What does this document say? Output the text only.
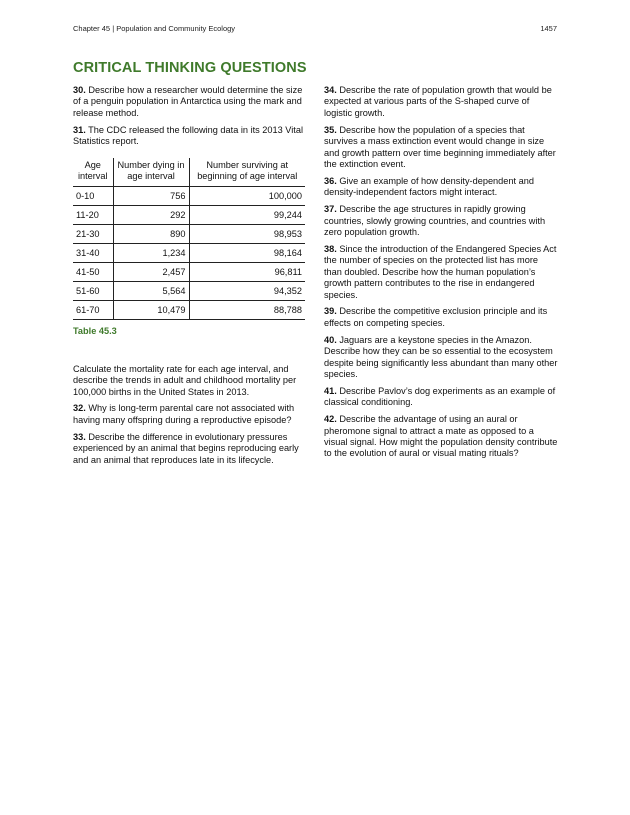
Chapter 45 | Population and Community Ecology	1457
CRITICAL THINKING QUESTIONS

30. Describe how a researcher would determine the size of a penguin population in Antarctica using the mark and release method.

31. The CDC released the following data in its 2013 Vital Statistics report.

Age interval	Number dying in age interval	Number surviving at beginning of age interval
0-10	756	100,000
11-20	292	99,244
21-30	890	98,953
31-40	1,234	98,164
41-50	2,457	96,811
51-60	5,564	94,352
61-70	10,479	88,788

Table 45.3

Calculate the mortality rate for each age interval, and describe the trends in adult and childhood mortality per 100,000 births in the United States in 2013.

32. Why is long-term parental care not associated with having many offspring during a reproductive episode?

33. Describe the difference in evolutionary pressures experienced by an animal that begins reproducing early and an animal that reproduces late in its lifecycle.

34. Describe the rate of population growth that would be expected at various parts of the S-shaped curve of logistic growth.

35. Describe how the population of a species that survives a mass extinction event would change in size and growth pattern over time beginning immediately after the extinction event.

36. Give an example of how density-dependent and density-independent factors might interact.

37. Describe the age structures in rapidly growing countries, slowly growing countries, and countries with zero population growth.

38. Since the introduction of the Endangered Species Act the number of species on the protected list has more than doubled. Describe how the human population’s growth pattern contributes to the rise in endangered species.

39. Describe the competitive exclusion principle and its effects on competing species.

40. Jaguars are a keystone species in the Amazon. Describe how they can be so essential to the ecosystem despite being significantly less abundant than many other species.

41. Describe Pavlov’s dog experiments as an example of classical conditioning.

42. Describe the advantage of using an aural or pheromone signal to attract a mate as opposed to a visual signal. How might the population density contribute to the evolution of aural or visual mating rituals?
